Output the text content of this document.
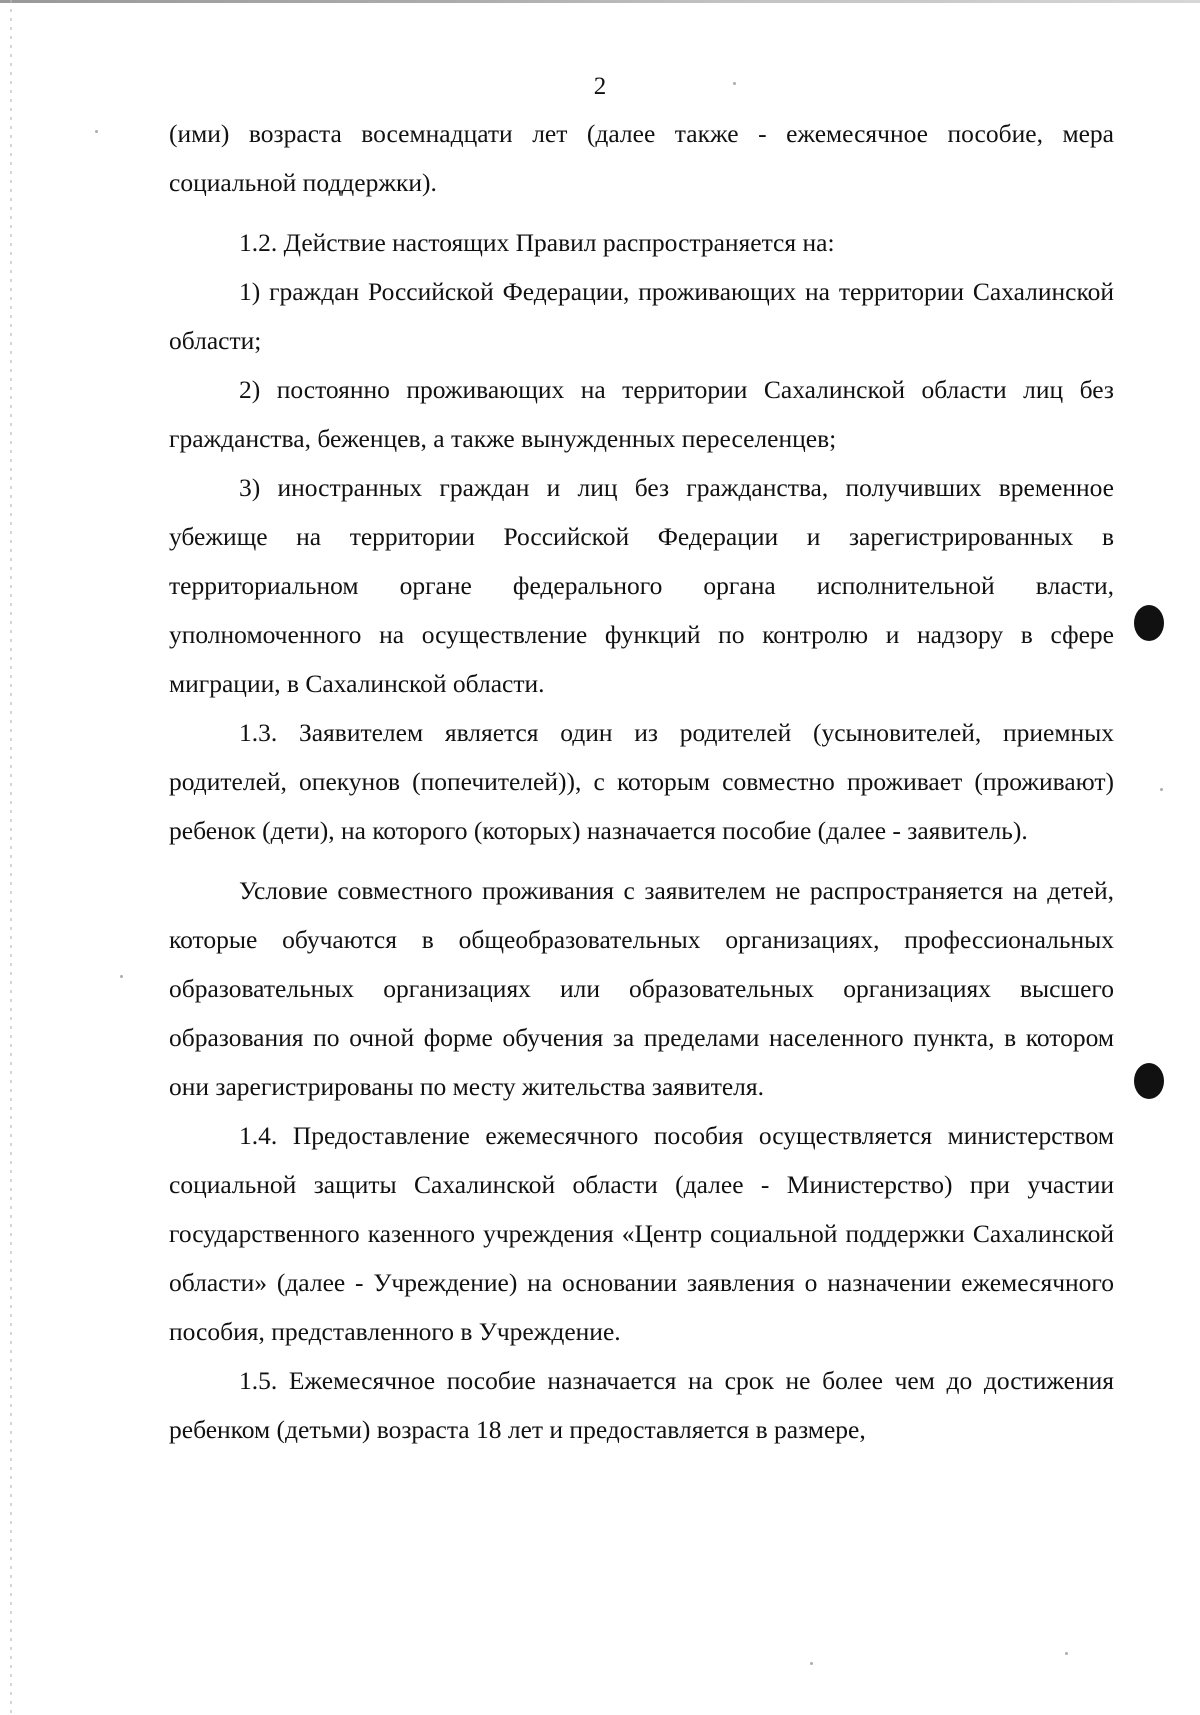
2

(ими) возраста восемнадцати лет (далее также - ежемесячное пособие, мера социальной поддержки).

1.2. Действие настоящих Правил распространяется на:

1) граждан Российской Федерации, проживающих на территории Сахалинской области;

2) постоянно проживающих на территории Сахалинской области лиц без гражданства, беженцев, а также вынужденных переселенцев;

3) иностранных граждан и лиц без гражданства, получивших временное убежище на территории Российской Федерации и зарегистрированных в территориальном органе федерального органа исполнительной власти, уполномоченного на осуществление функций по контролю и надзору в сфере миграции, в Сахалинской области.

1.3. Заявителем является один из родителей (усыновителей, приемных родителей, опекунов (попечителей)), с которым совместно проживает (проживают) ребенок (дети), на которого (которых) назначается пособие (далее - заявитель).

Условие совместного проживания с заявителем не распространяется на детей, которые обучаются в общеобразовательных организациях, профессиональных образовательных организациях или образовательных организациях высшего образования по очной форме обучения за пределами населенного пункта, в котором они зарегистрированы по месту жительства заявителя.

1.4. Предоставление ежемесячного пособия осуществляется министерством социальной защиты Сахалинской области (далее - Министерство) при участии государственного казенного учреждения «Центр социальной поддержки Сахалинской области» (далее - Учреждение) на основании заявления о назначении ежемесячного пособия, представленного в Учреждение.

1.5. Ежемесячное пособие назначается на срок не более чем до достижения ребенком (детьми) возраста 18 лет и предоставляется в размере,
